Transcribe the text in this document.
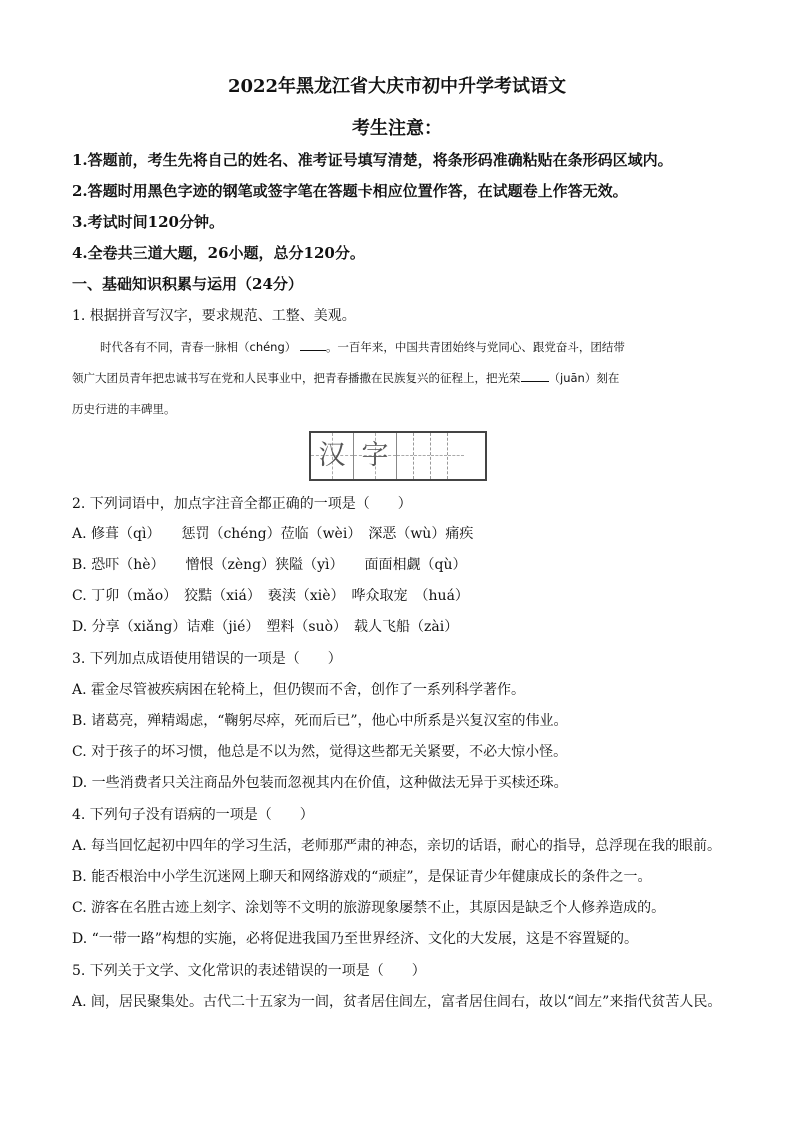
2022年黑龙江省大庆市初中升学考试语文
考生注意：
1.答题前，考生先将自己的姓名、准考证号填写清楚，将条形码准确粘贴在条形码区域内。
2.答题时用黑色字迹的钢笔或签字笔在答题卡相应位置作答，在试题卷上作答无效。
3.考试时间120分钟。
4.全卷共三道大题，26小题，总分120分。
一、基础知识积累与运用（24分）
1. 根据拼音写汉字，要求规范、工整、美观。

时代各有不同，青春一脉相（chéng）	。一百年来，中国共青团始终与党同心、跟党奋斗，团结带

领广大团员青年把忠诚书写在党和人民事业中，把青春播撒在民族复兴的征程上，把光荣 （juān）刻在

历史行进的丰碑里。

汉 字
2. 下列词语中，加点字注音全都正确的一项是（　　）
A. 修葺（qì）　　惩罚（chéng）莅临（wèi）　深恶（wù）痛疾
B. 恐吓（hè）　　憎恨（zèng）狭隘（yì）　　面面相觑（qù）
C. 丁卯（mǎo）　狡黠（xiá）　亵渎（xiè）　哗众取宠　（huá）
D. 分享（xiǎng）诘难（jié）　塑料（suò）　载人飞船（zài）
3. 下列加点成语使用错误的一项是（　　）
A. 霍金尽管被疾病困在轮椅上，但仍锲而不舍，创作了一系列科学著作。
B. 诸葛亮，殚精竭虑，“鞠躬尽瘁，死而后已”，他心中所系是兴复汉室的伟业。
C. 对于孩子的坏习惯，他总是不以为然，觉得这些都无关紧要，不必大惊小怪。
D. 一些消费者只关注商品外包装而忽视其内在价值，这种做法无异于买椟还珠。
4. 下列句子没有语病的一项是（　　）
A. 每当回忆起初中四年的学习生活，老师那严肃的神态，亲切的话语，耐心的指导，总浮现在我的眼前。
B. 能否根治中小学生沉迷网上聊天和网络游戏的“顽症”，是保证青少年健康成长的条件之一。
C. 游客在名胜古迹上刻字、涂划等不文明的旅游现象屡禁不止，其原因是缺乏个人修养造成的。
D. “一带一路”构想的实施，必将促进我国乃至世界经济、文化的大发展，这是不容置疑的。
5. 下列关于文学、文化常识的表述错误的一项是（　　）
A. 闾，居民聚集处。古代二十五家为一闾，贫者居住闾左，富者居住闾右，故以“闾左”来指代贫苦人民。
